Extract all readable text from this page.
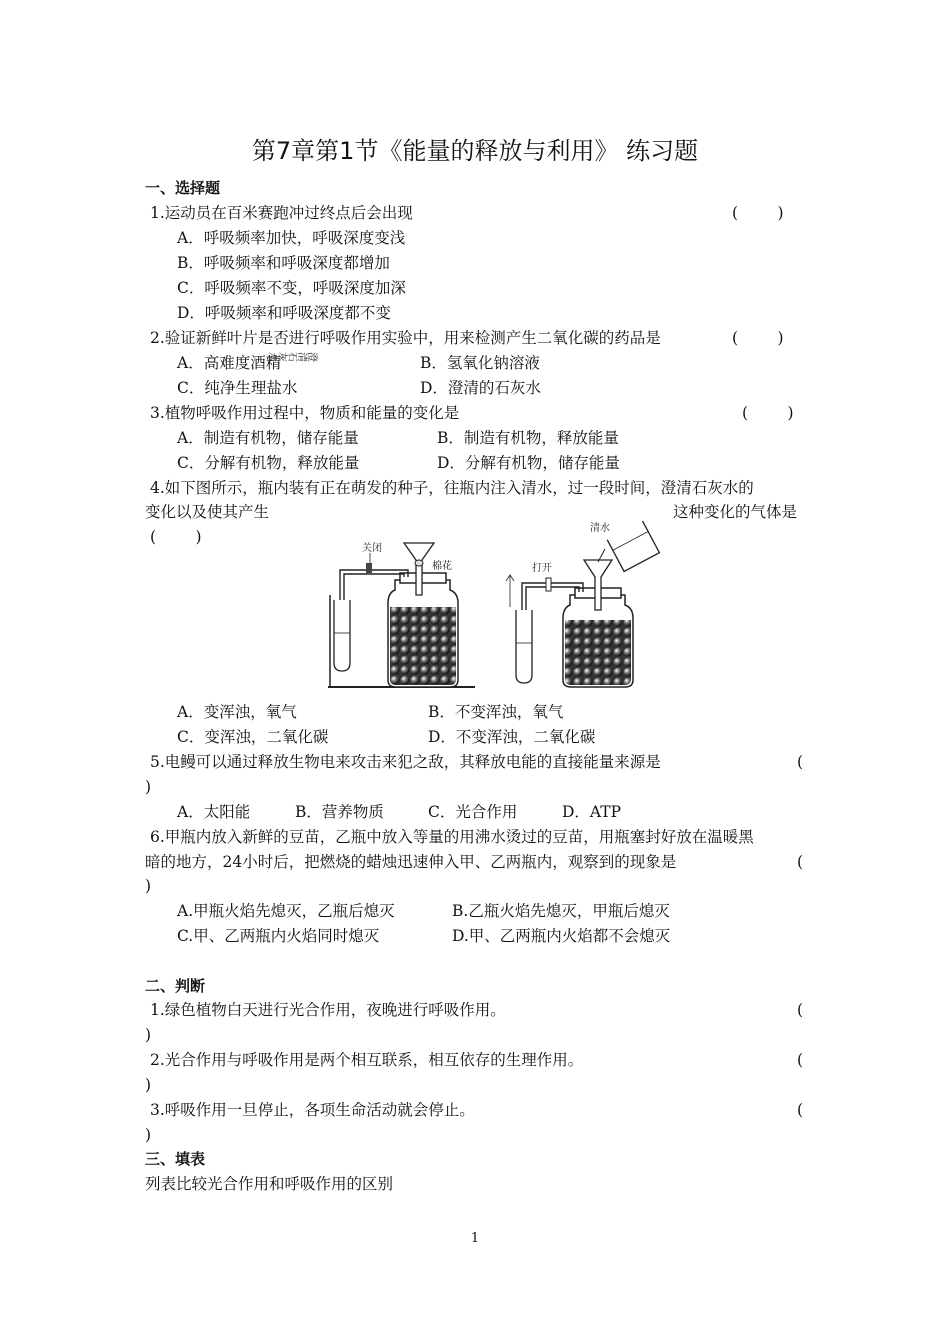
第7章第1节《能量的释放与利用》 练习题
一、选择题
1.运动员在百米赛跑冲过终点后会出现	(        )
A．呼吸频率加快，呼吸深度变浅
B．呼吸频率和呼吸深度都增加
C．呼吸频率不变，呼吸深度加深
D．呼吸频率和呼吸深度都不变
2.验证新鲜叶片是否进行呼吸作用实验中，用来检测产生二氧化碳的药品是	(        )
A．高难度酒精	B．氢氧化钠溶液
C．纯净生理盐水	D．澄清的石灰水
3.植物呼吸作用过程中，物质和能量的变化是	(        )
A．制造有机物，储存能量	B．制造有机物，释放能量
C．分解有机物，释放能量	D．分解有机物，储存能量
4.如下图所示，瓶内装有正在萌发的种子，往瓶内注入清水，过一段时间，澄清石灰水的
变化以及使其产生	这种变化的气体是
(        )
关闭
棉花
澄清石灰水
清水
打开
A．变浑浊，氧气	B．不变浑浊，氧气
C．变浑浊，二氧化碳	D．不变浑浊，二氧化碳
5.电鳗可以通过释放生物电来攻击来犯之敌，其释放电能的直接能量来源是	(
)
A．太阳能	B．营养物质	C．光合作用	D．ATP
6.甲瓶内放入新鲜的豆苗，乙瓶中放入等量的用沸水烫过的豆苗，用瓶塞封好放在温暖黑
暗的地方，24小时后，把燃烧的蜡烛迅速伸入甲、乙两瓶内，观察到的现象是	(
)
A.甲瓶火焰先熄灭，乙瓶后熄灭	B.乙瓶火焰先熄灭，甲瓶后熄灭
C.甲、乙两瓶内火焰同时熄灭	D.甲、乙两瓶内火焰都不会熄灭
二、判断
1.绿色植物白天进行光合作用，夜晚进行呼吸作用。	(
)
2.光合作用与呼吸作用是两个相互联系，相互依存的生理作用。	(
)
3.呼吸作用一旦停止，各项生命活动就会停止。	(
)
三、填表
列表比较光合作用和呼吸作用的区别
1
